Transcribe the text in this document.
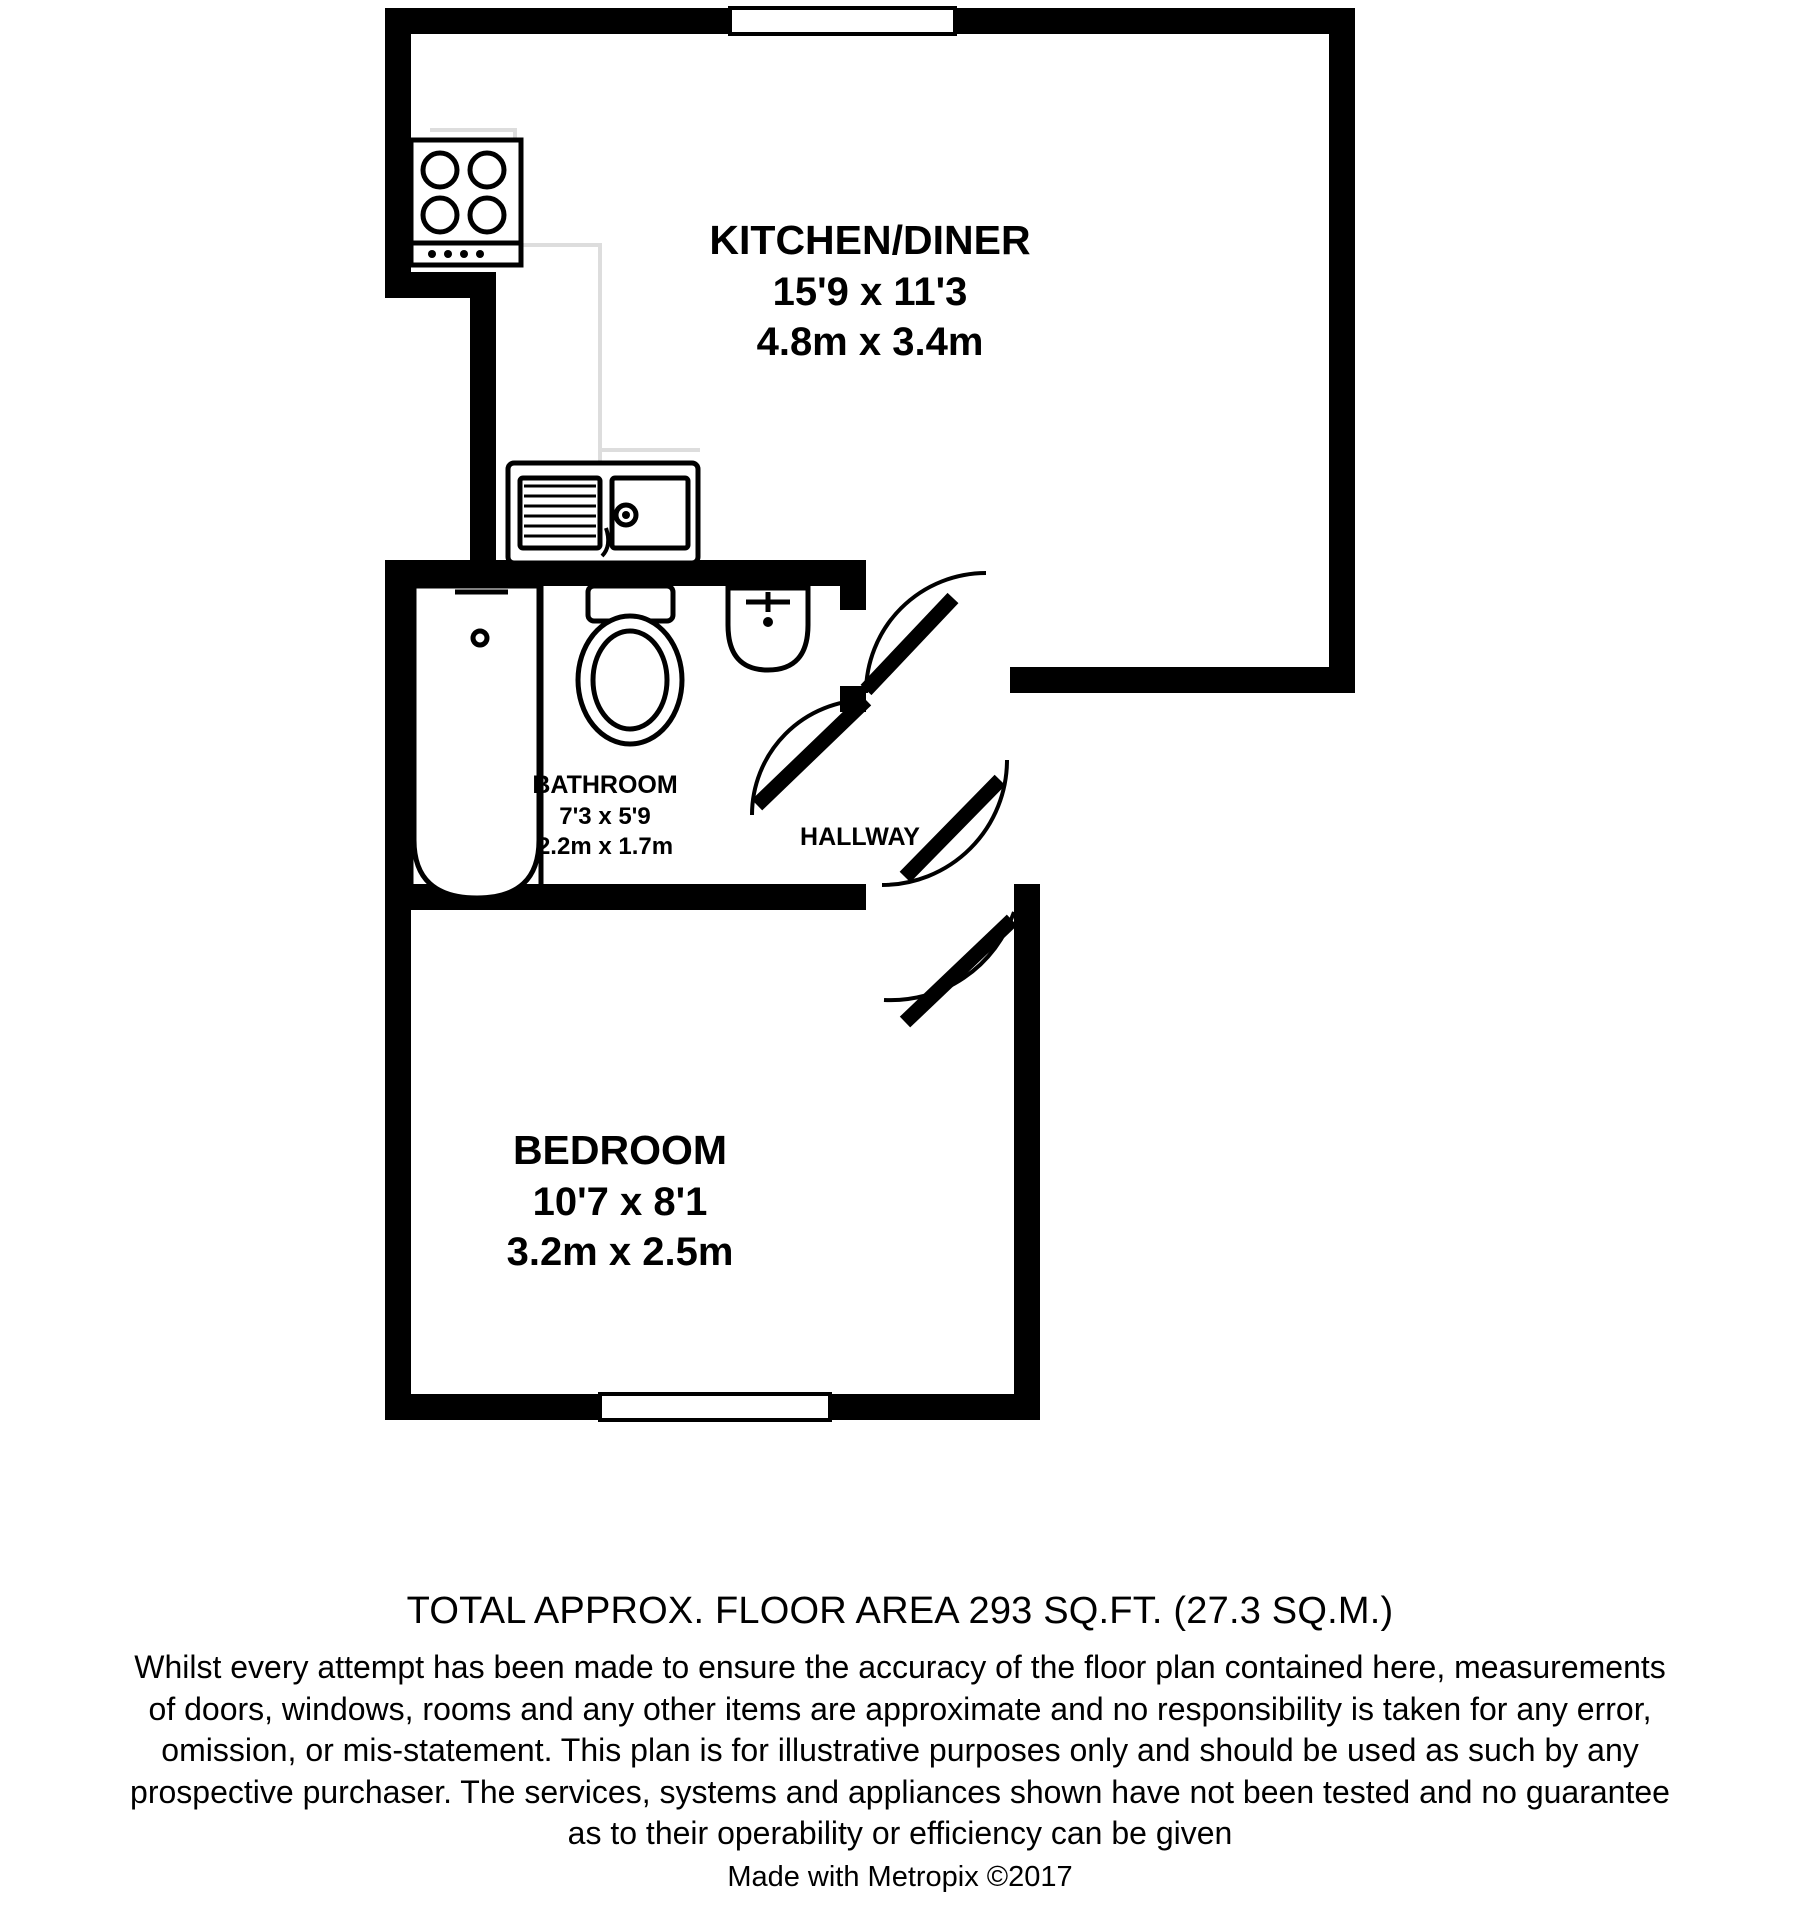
KITCHEN/DINER
15'9 x 11'3
4.8m x 3.4m
BATHROOM
7'3 x 5'9
2.2m x 1.7m	HALLWAY
BEDROOM
10'7 x 8'1
3.2m x 2.5m
TOTAL APPROX. FLOOR AREA 293 SQ.FT. (27.3 SQ.M.)
Whilst every attempt has been made to ensure the accuracy of the floor plan contained here, measurements
of doors, windows, rooms and any other items are approximate and no responsibility is taken for any error,
omission, or mis-statement. This plan is for illustrative purposes only and should be used as such by any
prospective purchaser. The services, systems and appliances shown have not been tested and no guarantee
as to their operability or efficiency can be given
Made with Metropix ©2017
